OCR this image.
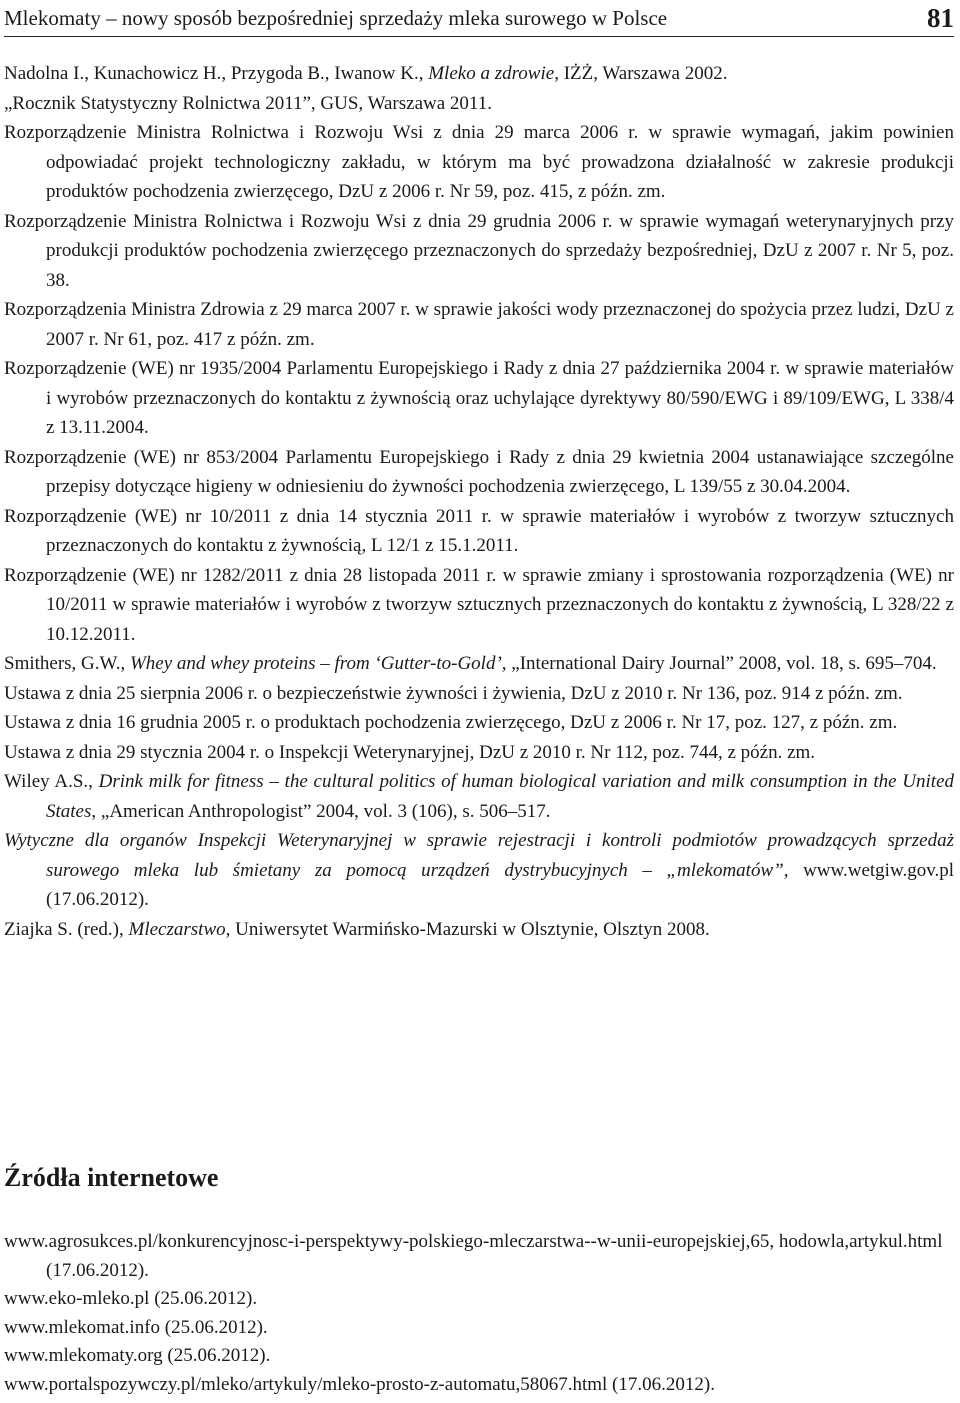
Mlekomaty – nowy sposób bezpośredniej sprzedaży mleka surowego w Polsce	81
Nadolna I., Kunachowicz H., Przygoda B., Iwanow K., Mleko a zdrowie, IŻŻ, Warszawa 2002.
„Rocznik Statystyczny Rolnictwa 2011”, GUS, Warszawa 2011.
Rozporządzenie Ministra Rolnictwa i Rozwoju Wsi z dnia 29 marca 2006 r. w sprawie wymagań, jakim powinien odpowiadać projekt technologiczny zakładu, w którym ma być prowadzona działalność w zakresie produkcji produktów pochodzenia zwierzęcego, DzU z 2006 r. Nr 59, poz. 415, z późn. zm.
Rozporządzenie Ministra Rolnictwa i Rozwoju Wsi z dnia 29 grudnia 2006 r. w sprawie wymagań weterynaryjnych przy produkcji produktów pochodzenia zwierzęcego przeznaczonych do sprzedaży bezpośredniej, DzU z 2007 r. Nr 5, poz. 38.
Rozporządzenia Ministra Zdrowia z 29 marca 2007 r. w sprawie jakości wody przeznaczonej do spożycia przez ludzi, DzU z 2007 r. Nr 61, poz. 417 z późn. zm.
Rozporządzenie (WE) nr 1935/2004 Parlamentu Europejskiego i Rady z dnia 27 października 2004 r. w sprawie materiałów i wyrobów przeznaczonych do kontaktu z żywnością oraz uchylające dyrektywy 80/590/EWG i 89/109/EWG, L 338/4 z 13.11.2004.
Rozporządzenie (WE) nr 853/2004 Parlamentu Europejskiego i Rady z dnia 29 kwietnia 2004 ustanawiające szczególne przepisy dotyczące higieny w odniesieniu do żywności pochodzenia zwierzęcego, L 139/55 z 30.04.2004.
Rozporządzenie (WE) nr 10/2011 z dnia 14 stycznia 2011 r. w sprawie materiałów i wyrobów z tworzyw sztucznych przeznaczonych do kontaktu z żywnością, L 12/1 z 15.1.2011.
Rozporządzenie (WE) nr 1282/2011 z dnia 28 listopada 2011 r. w sprawie zmiany i sprostowania rozporządzenia (WE) nr 10/2011 w sprawie materiałów i wyrobów z tworzyw sztucznych przeznaczonych do kontaktu z żywnością, L 328/22 z 10.12.2011.
Smithers, G.W., Whey and whey proteins – from ‘Gutter-to-Gold’, „International Dairy Journal” 2008, vol. 18, s. 695–704.
Ustawa z dnia 25 sierpnia 2006 r. o bezpieczeństwie żywności i żywienia, DzU z 2010 r. Nr 136, poz. 914 z późn. zm.
Ustawa z dnia 16 grudnia 2005 r. o produktach pochodzenia zwierzęcego, DzU z 2006 r. Nr 17, poz. 127, z późn. zm.
Ustawa z dnia 29 stycznia 2004 r. o Inspekcji Weterynaryjnej, DzU z 2010 r. Nr 112, poz. 744, z późn. zm.
Wiley A.S., Drink milk for fitness – the cultural politics of human biological variation and milk consumption in the United States, „American Anthropologist” 2004, vol. 3 (106), s. 506–517.
Wytyczne dla organów Inspekcji Weterynaryjnej w sprawie rejestracji i kontroli podmiotów prowadzących sprzedaż surowego mleka lub śmietany za pomocą urządzeń dystrybucyjnych – „mlekomatów”, www.wetgiw.gov.pl (17.06.2012).
Ziajka S. (red.), Mleczarstwo, Uniwersytet Warmińsko-Mazurski w Olsztynie, Olsztyn 2008.
Źródła internetowe
www.agrosukces.pl/konkurencyjnosc-i-perspektywy-polskiego-mleczarstwa--w-unii-europejskiej,65, hodowla,artykul.html (17.06.2012).
www.eko-mleko.pl (25.06.2012).
www.mlekomat.info (25.06.2012).
www.mlekomaty.org (25.06.2012).
www.portalspozywczy.pl/mleko/artykuly/mleko-prosto-z-automatu,58067.html (17.06.2012).
